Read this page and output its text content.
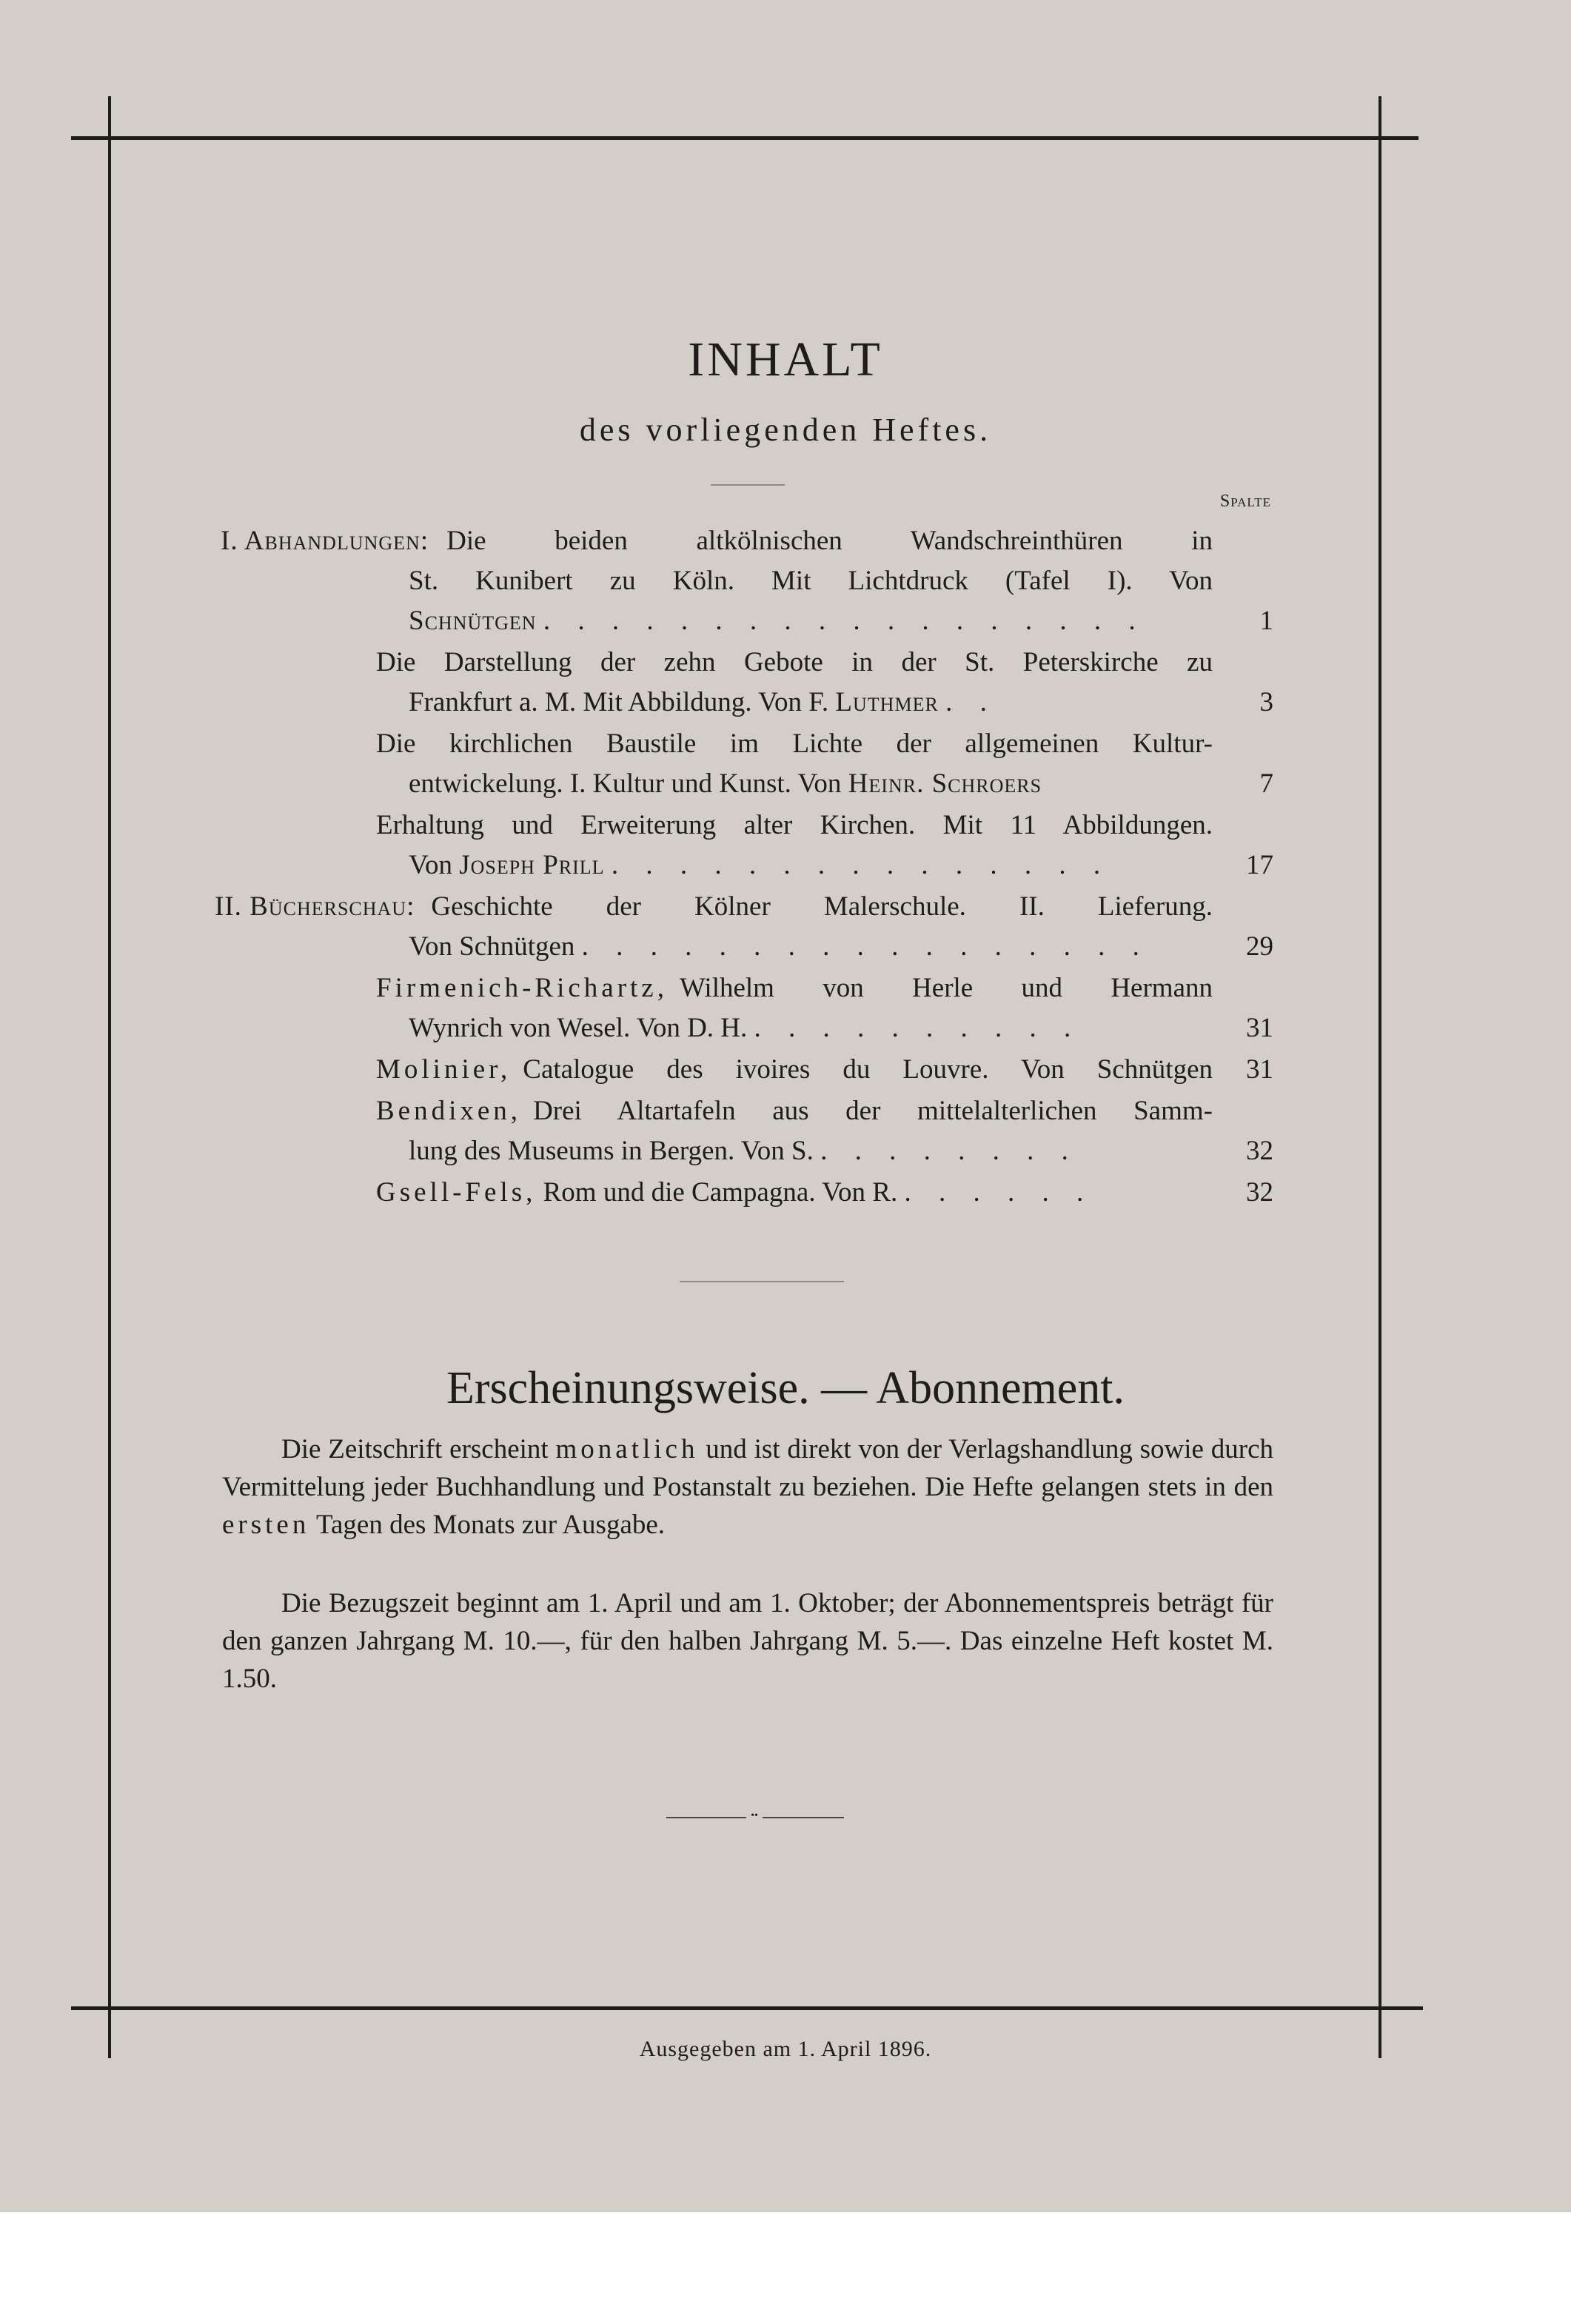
INHALT
des vorliegenden Heftes.
Spalte
I. Abhandlungen: Die beiden altkölnischen Wandschreinthüren in
St. Kunibert zu Köln. Mit Lichtdruck (Tafel I). Von
Schnütgen . . . . . . . . . . . . . . . . . .	1
Die Darstellung der zehn Gebote in der St. Peterskirche zu
Frankfurt a. M. Mit Abbildung. Von F. Luthmer . .	3
Die kirchlichen Baustile im Lichte der allgemeinen Kultur-
entwickelung. I. Kultur und Kunst. Von Heinr. Schroers	7
Erhaltung und Erweiterung alter Kirchen. Mit 11 Abbildungen.
Von Joseph Prill . . . . . . . . . . . . . . .	17
II. Bücherschau: Geschichte der Kölner Malerschule. II. Lieferung.
Von Schnütgen . . . . . . . . . . . . . . . . .	29
Firmenich-Richartz, Wilhelm von Herle und Hermann
Wynrich von Wesel. Von D. H. . . . . . . . . . .	31
Molinier, Catalogue des ivoires du Louvre. Von Schnütgen	31
Bendixen, Drei Altartafeln aus der mittelalterlichen Samm-
lung des Museums in Bergen. Von S. . . . . . . . .	32
Gsell-Fels, Rom und die Campagna. Von R. . . . . . .	32
Erscheinungsweise. — Abonnement.
Die Zeitschrift erscheint monatlich und ist direkt von der Verlagshandlung sowie durch Vermittelung jeder Buchhandlung und Postanstalt zu beziehen. Die Hefte gelangen stets in den ersten Tagen des Monats zur Ausgabe.
Die Bezugszeit beginnt am 1. April und am 1. Oktober; der Abonnementspreis beträgt für den ganzen Jahrgang M. 10.—, für den halben Jahrgang M. 5.—. Das einzelne Heft kostet M. 1.50.
••
Ausgegeben am 1. April 1896.
